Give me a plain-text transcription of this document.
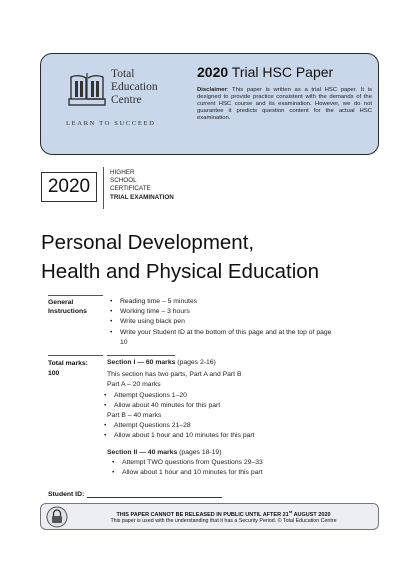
Total
Education
Centre
LEARN TO SUCCEED
2020 Trial HSC Paper
Disclaimer: This paper is written as a trial HSC paper. It is designed to provide practice consistent with the demands of the current HSC course and its examination. However, we do not guarantee it predicts question content for the actual HSC examination.
2020
HIGHER
SCHOOL
CERTIFICATE
TRIAL EXAMINATION
Personal Development,
Health and Physical Education
General
Instructions
• Reading time – 5 minutes
• Working time – 3 hours
• Write using black pen
• Write your Student ID at the bottom of this page and at the top of page 10
Total marks:
100
Section I — 60 marks (pages 2-16)
This section has two parts, Part A and Part B
Part A – 20 marks
• Attempt Questions 1–20
• Allow about 40 minutes for this part
Part B – 40 marks
• Attempt Questions 21–28
• Allow about 1 hour and 10 minutes for this part
Section II — 40 marks (pages 18-19)
• Attempt TWO questions from Questions 29–33
• Allow about 1 hour and 10 minutes for this part
Student ID:
THIS PAPER CANNOT BE RELEASED IN PUBLIC UNTIL AFTER 21st AUGUST 2020
This paper is used with the understanding that it has a Security Period. © Total Education Centre
